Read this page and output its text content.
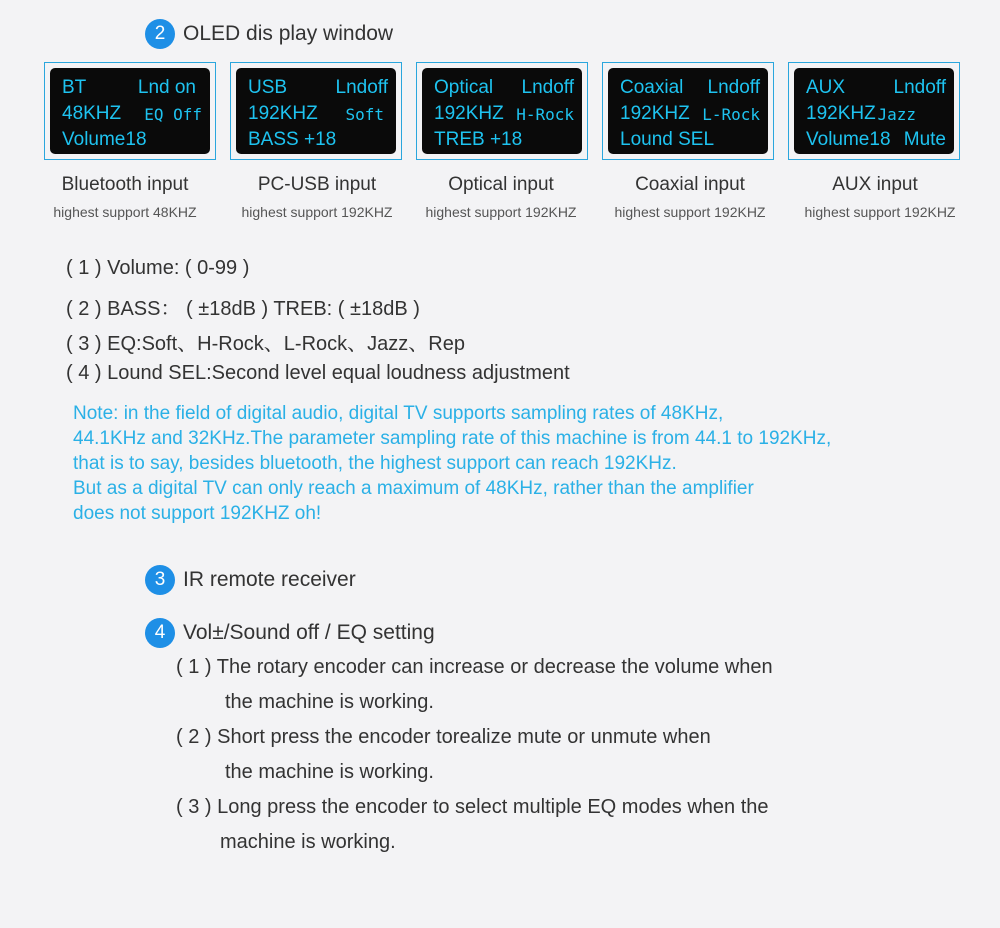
2 OLED dis play window
BT	Lnd on
48KHZ EQ Off
Volume18
USB	Lndoff
192KHZ Soft
BASS +18
Optical Lndoff
192KHZ H-Rock
TREB +18
Coaxial Lndoff
192KHZ L-Rock
Lound SEL
AUX	Lndoff
192KHZ Jazz
Volume18 Mute
Bluetooth input
highest support 48KHZ
PC-USB input
highest support 192KHZ
Optical input
highest support 192KHZ
Coaxial input
highest support 192KHZ
AUX input
highest support 192KHZ
( 1 ) Volume: ( 0-99 )
( 2 ) BASS： ( ±18dB ) TREB: ( ±18dB )
( 3 ) EQ:Soft、H-Rock、L-Rock、Jazz、Rep
( 4 ) Lound SEL:Second level equal loudness adjustment
Note: in the field of digital audio, digital TV supports sampling rates of 48KHz,
44.1KHz and 32KHz.The parameter sampling rate of this machine is from 44.1 to 192KHz,
that is to say, besides bluetooth, the highest support can reach 192KHz.
But as a digital TV can only reach a maximum of 48KHz, rather than the amplifier
does not support 192KHZ oh!
3 IR remote receiver
4 Vol±/Sound off / EQ setting
( 1 ) The rotary encoder can increase or decrease the volume when
the machine is working.
( 2 ) Short press the encoder torealize mute or unmute when
the machine is working.
( 3 ) Long press the encoder to select multiple EQ modes when the
machine is working.
